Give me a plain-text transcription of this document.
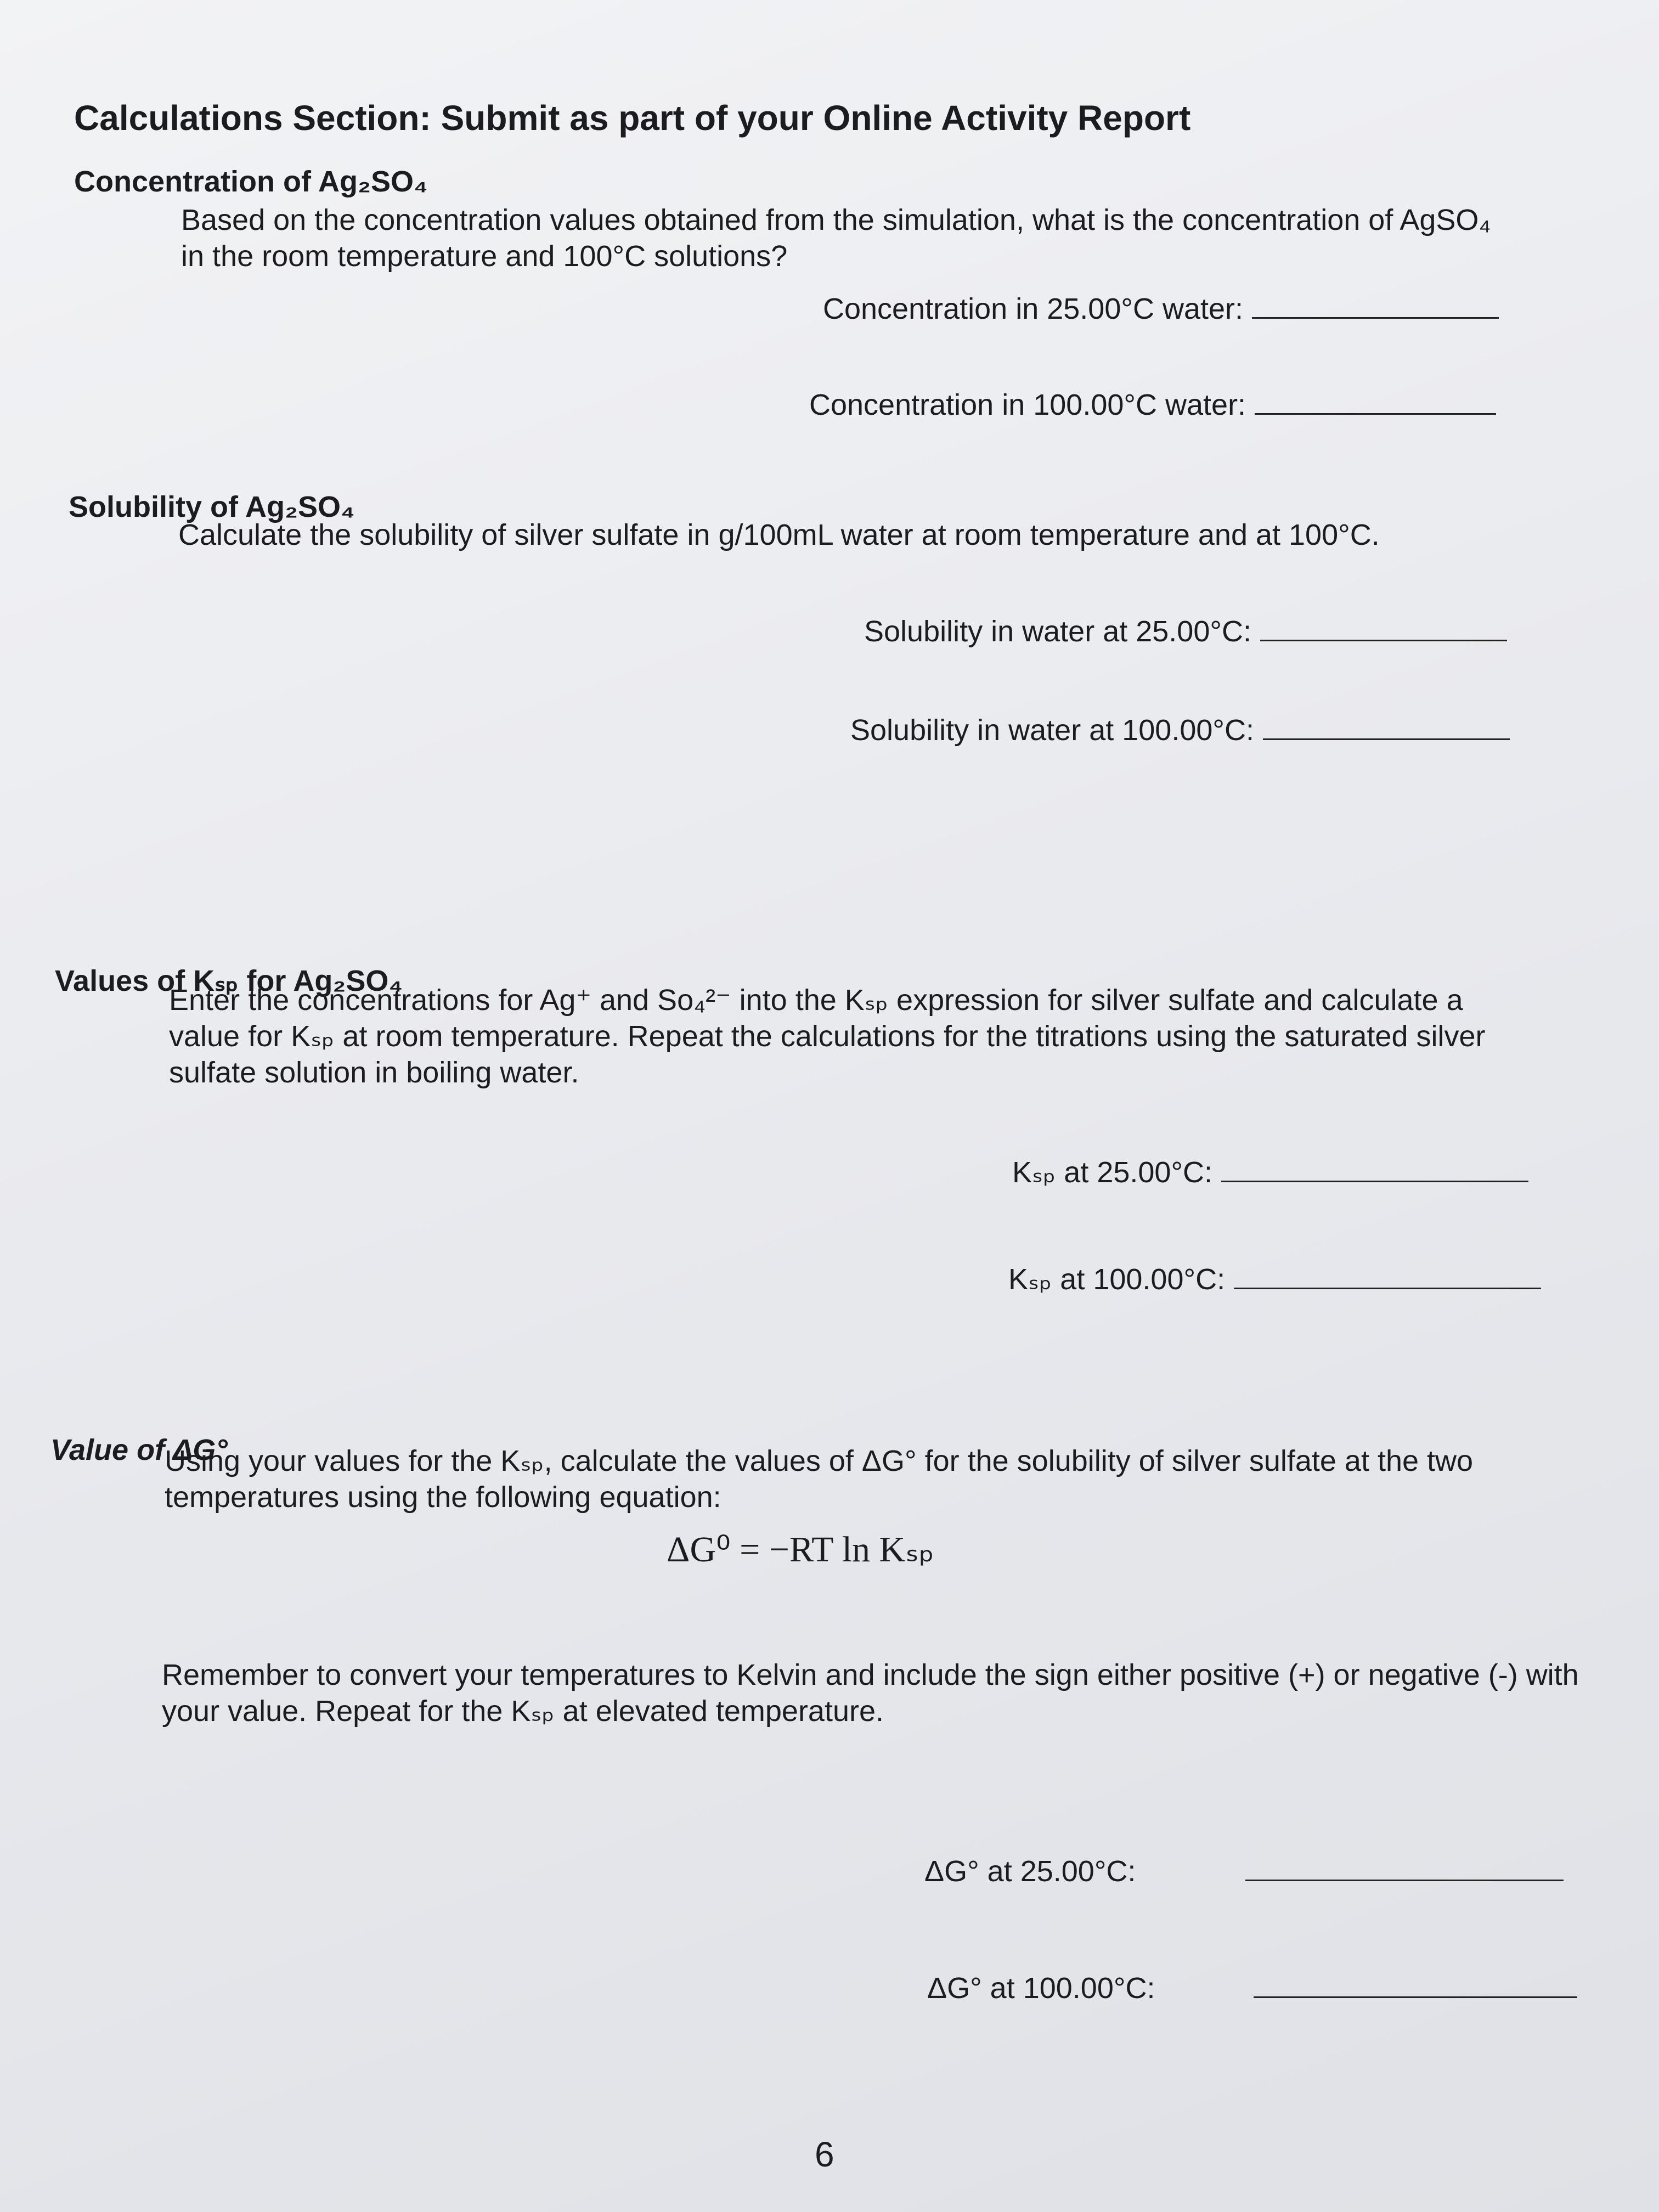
Calculations Section: Submit as part of your Online Activity Report
Concentration of Ag₂SO₄
Based on the concentration values obtained from the simulation, what is the concentration of AgSO₄ in the room temperature and 100°C solutions?
Concentration in 25.00°C water:
Concentration in 100.00°C water:
Solubility of Ag₂SO₄
Calculate the solubility of silver sulfate in g/100mL water at room temperature and at 100°C.
Solubility in water at 25.00°C:
Solubility in water at 100.00°C:

Values of Kₛₚ for Ag₂SO₄
Enter the concentrations for Ag⁺ and So₄²⁻ into the Kₛₚ expression for silver sulfate and calculate a value for Kₛₚ at room temperature. Repeat the calculations for the titrations using the saturated silver sulfate solution in boiling water.
Kₛₚ at 25.00°C:
Kₛₚ at 100.00°C:
Value of ΔG°
Using your values for the Kₛₚ, calculate the values of ΔG° for the solubility of silver sulfate at the two temperatures using the following equation:
ΔG⁰ = −RT ln Kₛₚ
Remember to convert your temperatures to Kelvin and include the sign either positive (+) or negative (-) with your value. Repeat for the Kₛₚ at elevated temperature.
ΔG° at 25.00°C:
ΔG° at 100.00°C:
6
